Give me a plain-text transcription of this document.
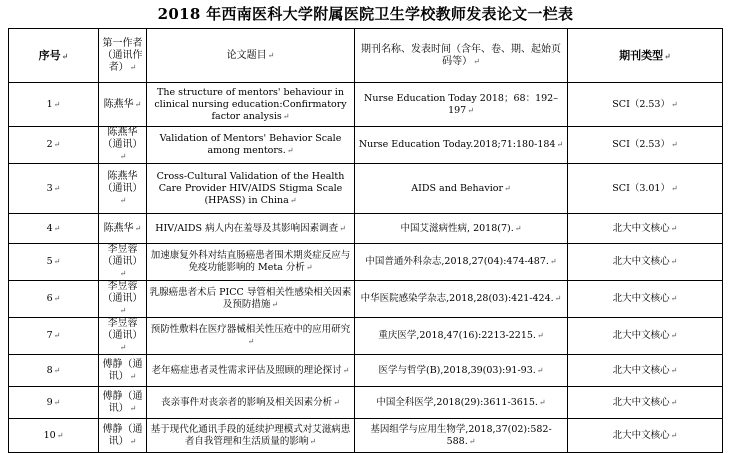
2018 年西南医科大学附属医院卫生学校教师发表论文一栏表
序号↵	第一作者（通讯作者）↵	论文题目↵	期刊名称、发表时间（含年、卷、期、起始页码等）↵	期刊类型↵
1↵	陈燕华↵	The structure of mentors' behaviour in clinical nursing education:Confirmatory factor analysis↵	Nurse Education Today 2018；68：192–197↵	SCI（2.53）↵
2↵	陈燕华（通讯）↵	Validation of Mentors' Behavior Scale among mentors.↵	Nurse Education Today.2018;71:180-184↵	SCI（2.53）↵
3↵	陈燕华（通讯）↵	Cross-Cultural Validation of the Health Care Provider HIV/AIDS Stigma Scale (HPASS) in China↵	AIDS and Behavior↵	SCI（3.01）↵
4↵	陈燕华↵	HIV/AIDS 病人内在羞辱及其影响因素调查↵	中国艾滋病性病, 2018(7).↵	北大中文核心↵
5↵	李昱蓉（通讯）↵	加速康复外科对结直肠癌患者围术期炎症反应与免疫功能影响的 Meta 分析↵	中国普通外科杂志,2018,27(04):474-487.↵	北大中文核心↵
6↵	李昱蓉（通讯）↵	乳腺癌患者术后 PICC 导管相关性感染相关因素及预防措施↵	中华医院感染学杂志,2018,28(03):421-424.↵	北大中文核心↵
7↵	李昱蓉（通讯）↵	预防性敷料在医疗器械相关性压疮中的应用研究↵	重庆医学,2018,47(16):2213-2215.↵	北大中文核心↵
8↵	傅静（通讯）↵	老年癌症患者灵性需求评估及照顾的理论探讨↵	医学与哲学(B),2018,39(03):91-93.↵	北大中文核心↵
9↵	傅静（通讯）↵	丧亲事件对丧亲者的影响及相关因素分析↵	中国全科医学,2018(29):3611-3615.↵	北大中文核心↵
10↵	傅静（通讯）↵	基于现代化通讯手段的延续护理模式对艾滋病患者自我管理和生活质量的影响↵	基因组学与应用生物学,2018,37(02):582-588.↵	北大中文核心↵
